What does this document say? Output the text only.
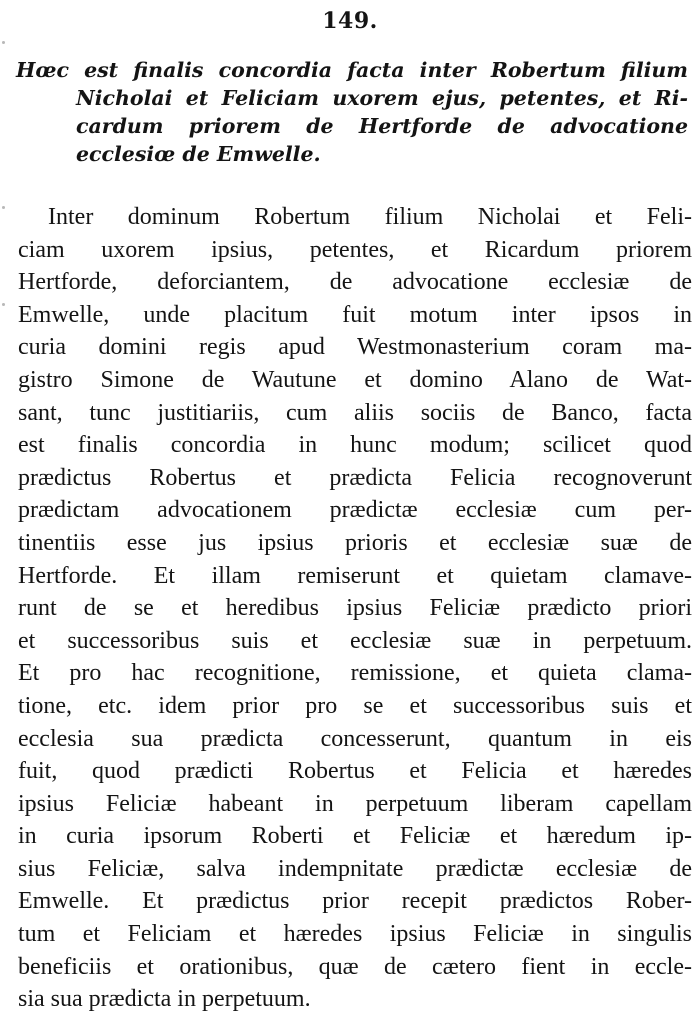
149.
Hœc est finalis concordia facta inter Robertum filium
Nicholai et Feliciam uxorem ejus, petentes, et Ri-
cardum priorem de Hertforde de advocatione
ecclesiœ de Emwelle.
Inter dominum Robertum filium Nicholai et Feli-
ciam uxorem ipsius, petentes, et Ricardum priorem
Hertforde, deforciantem, de advocatione ecclesiæ de
Emwelle, unde placitum fuit motum inter ipsos in
curia domini regis apud Westmonasterium coram ma-
gistro Simone de Wautune et domino Alano de Wat-
sant, tunc justitiariis, cum aliis sociis de Banco, facta
est finalis concordia in hunc modum; scilicet quod
prædictus Robertus et prædicta Felicia recognoverunt
prædictam advocationem prædictæ ecclesiæ cum per-
tinentiis esse jus ipsius prioris et ecclesiæ suæ de
Hertforde. Et illam remiserunt et quietam clamave-
runt de se et heredibus ipsius Feliciæ prædicto priori
et successoribus suis et ecclesiæ suæ in perpetuum.
Et pro hac recognitione, remissione, et quieta clama-
tione, etc. idem prior pro se et successoribus suis et
ecclesia sua prædicta concesserunt, quantum in eis
fuit, quod prædicti Robertus et Felicia et hæredes
ipsius Feliciæ habeant in perpetuum liberam capellam
in curia ipsorum Roberti et Feliciæ et hæredum ip-
sius Feliciæ, salva indempnitate prædictæ ecclesiæ de
Emwelle. Et prædictus prior recepit prædictos Rober-
tum et Feliciam et hæredes ipsius Feliciæ in singulis
beneficiis et orationibus, quæ de cætero fient in eccle-
sia sua prædicta in perpetuum.
